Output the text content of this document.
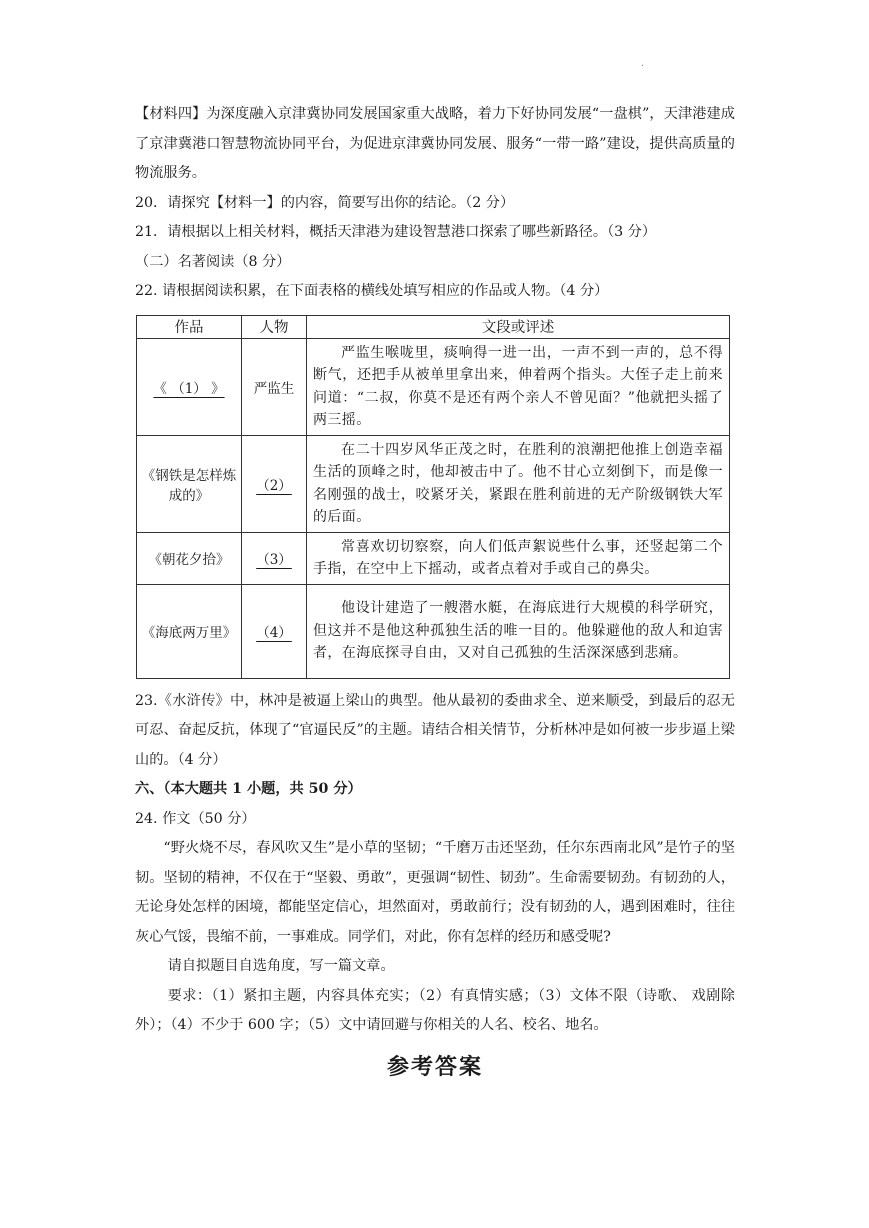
.

【材料四】为深度融入京津冀协同发展国家重大战略，着力下好协同发展“一盘棋”，天津港建成了京津冀港口智慧物流协同平台，为促进京津冀协同发展、服务“一带一路”建设，提供高质量的物流服务。

20．请探究【材料一】的内容，简要写出你的结论。（2 分）

21．请根据以上相关材料，概括天津港为建设智慧港口探索了哪些新路径。（3 分）

（二）名著阅读（8 分）

22. 请根据阅读积累，在下面表格的横线处填写相应的作品或人物。（4 分）

作品	人物	文段或评述
《 （1） 》	严监生	严监生喉咙里，痰响得一进一出，一声不到一声的，总不得断气，还把手从被单里拿出来，伸着两个指头。大侄子走上前来问道：“二叔，你莫不是还有两个亲人不曾见面？”他就把头摇了两三摇。
《钢铁是怎样炼成的》	（2）	在二十四岁风华正茂之时，在胜利的浪潮把他推上创造幸福生活的顶峰之时，他却被击中了。他不甘心立刻倒下，而是像一名刚强的战士，咬紧牙关，紧跟在胜利前进的无产阶级钢铁大军的后面。
《朝花夕拾》	（3）	常喜欢切切察察，向人们低声絮说些什么事，还竖起第二个手指，在空中上下摇动，或者点着对手或自己的鼻尖。
《海底两万里》	（4）	他设计建造了一艘潜水艇，在海底进行大规模的科学研究，但这并不是他这种孤独生活的唯一目的。他躲避他的敌人和迫害者，在海底探寻自由，又对自己孤独的生活深深感到悲痛。

23.《水浒传》中，林冲是被逼上梁山的典型。他从最初的委曲求全、逆来顺受，到最后的忍无可忍、奋起反抗，体现了“官逼民反”的主题。请结合相关情节，分析林冲是如何被一步步逼上梁山的。（4 分）

六、（本大题共 1 小题，共 50 分）

24. 作文（50 分）

“野火烧不尽，春风吹又生”是小草的坚韧；“千磨万击还坚劲，任尔东西南北风”是竹子的坚韧。坚韧的精神，不仅在于“坚毅、勇敢”，更强调“韧性、韧劲”。生命需要韧劲。有韧劲的人，无论身处怎样的困境，都能坚定信心，坦然面对，勇敢前行；没有韧劲的人，遇到困难时，往往灰心气馁，畏缩不前，一事难成。同学们，对此，你有怎样的经历和感受呢?

请自拟题目自选角度，写一篇文章。

要求：（1）紧扣主题，内容具体充实；（2）有真情实感；（3）文体不限（诗歌、 戏剧除外）；（4）不少于 600 字；（5）文中请回避与你相关的人名、校名、地名。

参考答案
